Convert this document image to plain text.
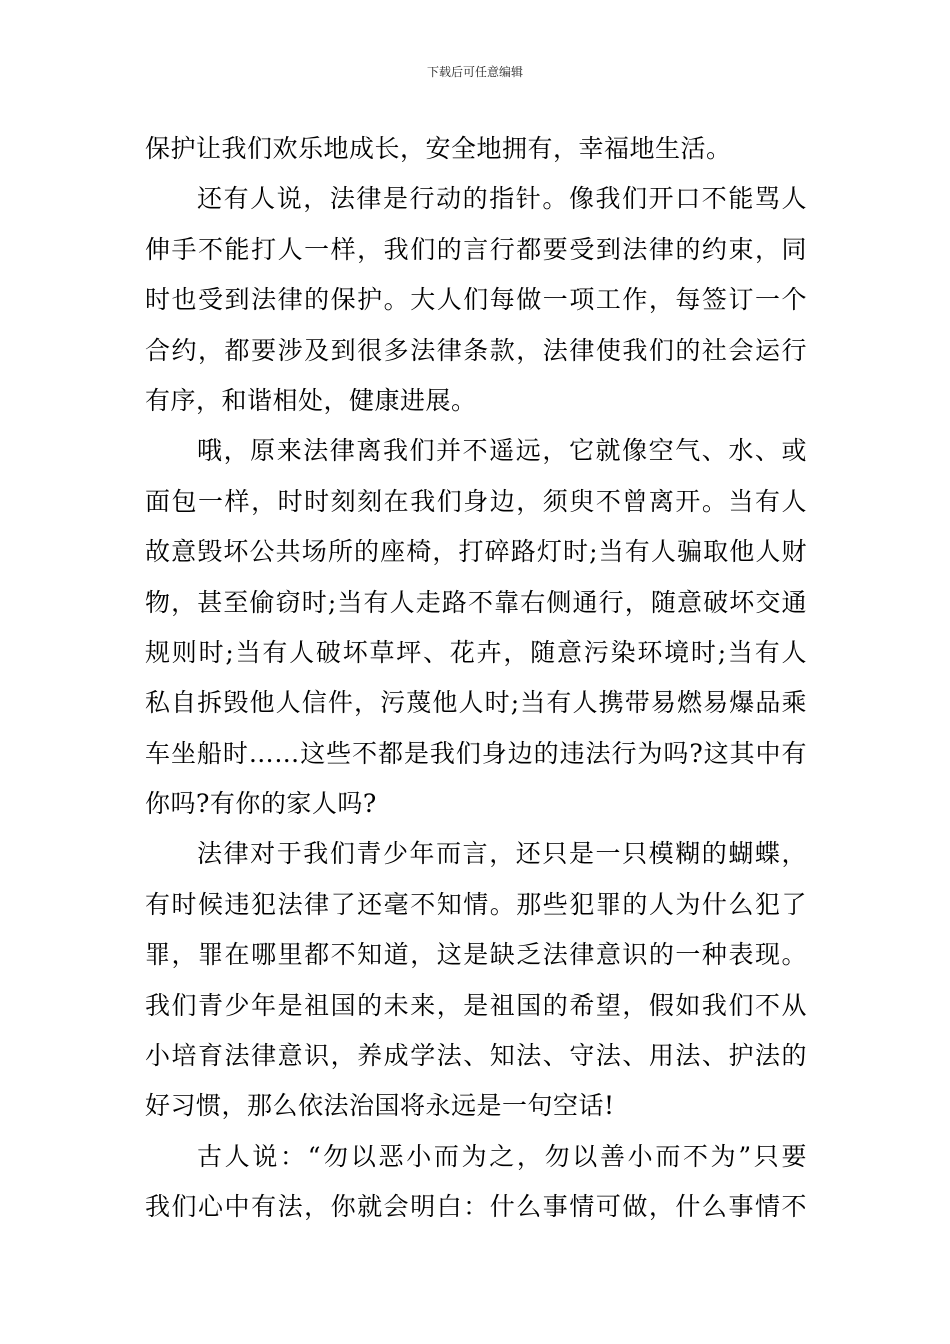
下载后可任意编辑
保护让我们欢乐地成长，安全地拥有，幸福地生活。
还有人说，法律是行动的指针。像我们开口不能骂人
伸手不能打人一样，我们的言行都要受到法律的约束，同
时也受到法律的保护。大人们每做一项工作，每签订一个
合约，都要涉及到很多法律条款，法律使我们的社会运行
有序，和谐相处，健康进展。
哦，原来法律离我们并不遥远，它就像空气、水、或
面包一样，时时刻刻在我们身边，须臾不曾离开。当有人
故意毁坏公共场所的座椅，打碎路灯时;当有人骗取他人财
物，甚至偷窃时;当有人走路不靠右侧通行，随意破坏交通
规则时;当有人破坏草坪、花卉，随意污染环境时;当有人
私自拆毁他人信件，污蔑他人时;当有人携带易燃易爆品乘
车坐船时……这些不都是我们身边的违法行为吗?这其中有
你吗?有你的家人吗?
法律对于我们青少年而言，还只是一只模糊的蝴蝶，
有时候违犯法律了还毫不知情。那些犯罪的人为什么犯了
罪，罪在哪里都不知道，这是缺乏法律意识的一种表现。
我们青少年是祖国的未来，是祖国的希望，假如我们不从
小培育法律意识，养成学法、知法、守法、用法、护法的
好习惯，那么依法治国将永远是一句空话!
古人说：“勿以恶小而为之，勿以善小而不为”只要
我们心中有法，你就会明白：什么事情可做，什么事情不
